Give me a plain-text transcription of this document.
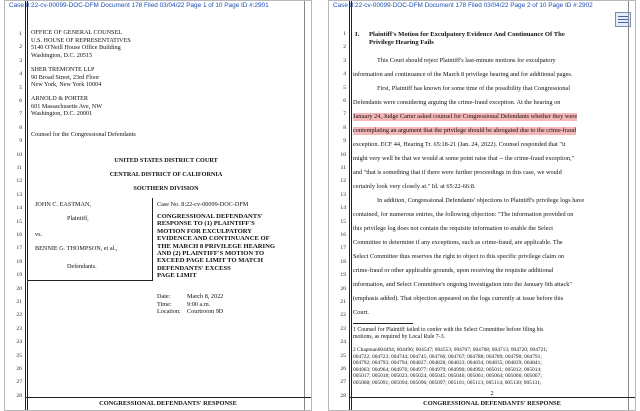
Case 8:22-cv-00099-DOC-DFM Document 178 Filed 03/04/22 Page 1 of 10 Page ID #:2901
1
2
3
4
5
6
7
8
9
10
11
12
13
14
15
16
17
18
19
20
21
22
23
24
25
26
27
28
OFFICE OF GENERAL COUNSEL
U.S. HOUSE OF REPRESENTATIVES
5140 O'Neill House Office Building
Washington, D.C. 20515
SHER TREMONTE LLP
90 Broad Street, 23rd Floor
New York, New York 10004
ARNOLD & PORTER
601 Massachusetts Ave, NW
Washington, D.C. 20001
Counsel for the Congressional Defendants
UNITED STATES DISTRICT COURT
CENTRAL DISTRICT OF CALIFORNIA
SOUTHERN DIVISION
JOHN C. EASTMAN,
Plaintiff,
vs.
BENNIE G. THOMPSON, et al.,
Defendants.
Case No. 8:22-cv-00099-DOC-DFM
CONGRESSIONAL DEFENDANTS'
RESPONSE TO (1) PLAINTIFF'S
MOTION FOR EXCULPATORY
EVIDENCE AND CONTINUANCE OF
THE MARCH 8 PRIVILEGE HEARING
AND (2) PLAINTIFF'S MOTION TO
EXCEED PAGE LIMIT TO MATCH
DEFENDANTS' EXCESS
PAGE LIMIT
Date:	March 8, 2022
Time: 9:00 a.m.
Location: Courtroom 9D
CONGRESSIONAL DEFENDANTS' RESPONSE
Case 8:22-cv-00099-DOC-DFM Document 178 Filed 03/04/22 Page 2 of 10 Page ID #:2902
1
2
3
4
5
6
7
8
9
10
11
12
13
14
15
16
17
18
19
20
21
22
23
24
25
26
27
28
I. Plaintiff's Motion for Exculpatory Evidence And Continuance Of The
Privilege Hearing Fails
This Court should reject Plaintiff's last-minute motions for exculpatory
information and continuance of the March 8 privilege hearing and for additional pages.
First, Plaintiff has known for some time of the possibility that Congressional
Defendants were considering arguing the crime-fraud exception. At the hearing on
January 24, Judge Carter asked counsel for Congressional Defendants whether they were
contemplating an argument that the privilege should be abrogated due to the crime-fraud
exception. ECF 44, Hearing Tr. 65:18-21 (Jan. 24, 2022). Counsel responded that "it
might very well be that we would at some point raise that -- the crime-fraud exception,"
and "that is something that if there were further proceedings in this case, we would
certainly look very closely at." Id. at 65:22-66:8.
In addition, Congressional Defendants' objections to Plaintiff's privilege logs have
contained, for numerous entries, the following objection: "The information provided on
this privilege log does not contain the requisite information to enable the Select
Committee to determine if any exceptions, such as crime-fraud, are applicable. The
Select Committee thus reserves the right to object to this specific privilege claim on
crime-fraud or other applicable grounds, upon receiving the requisite additional
information, and Select Committee's ongoing investigation into the January 6th attack"
(emphasis added). That objection appeared on the logs currently at issue before this
Court.
1 Counsel for Plaintiff failed to confer with the Select Committee before filing his
motions, as required by Local Rule 7-3.
2 Chapman004494; 004496; 004547; 004553; 004707; 004708; 004713; 004720; 004721;
004722; 004723; 004744; 004745; 004766; 004767; 004788; 004789; 004790; 004791;
004792; 004793; 004794; 004827; 004828; 004833; 004834; 004835; 004839; 004841;
004963; 004964; 004976; 004977; 004979; 004990; 004992; 005011; 005012; 005014;
005017; 005018; 005023; 005024; 005045; 005046; 005061; 005064; 005066; 005067;
005068; 005091; 005094; 005096; 005097; 005101; 005113; 005114; 005130; 005131;
2
CONGRESSIONAL DEFENDANTS' RESPONSE
